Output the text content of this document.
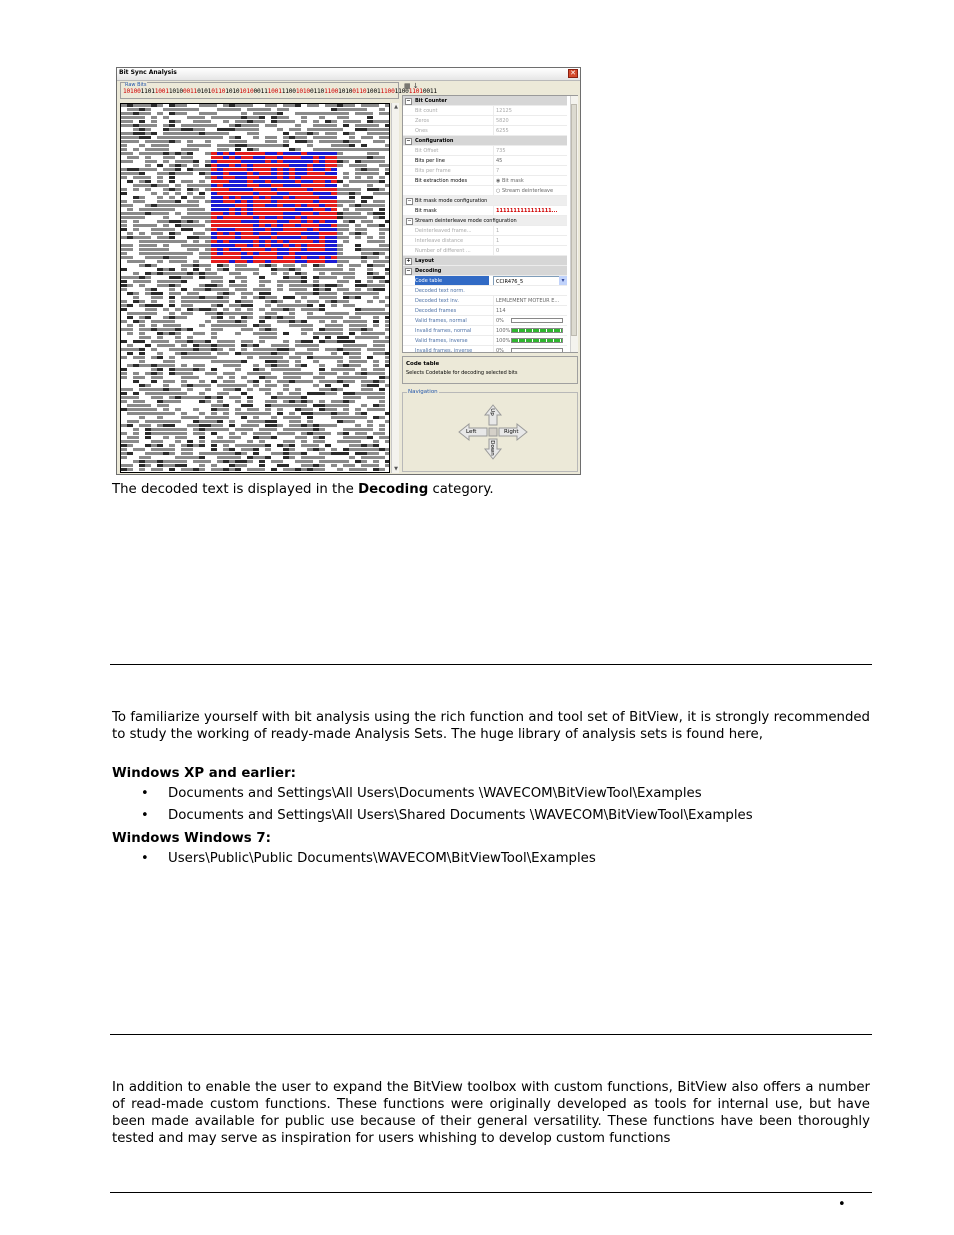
Bit Sync Analysis	✕
Raw Bits
10100110110011010001101010110101010100011100111001010011011001010011010011100110011010011
▦ ↓
▲
▼
− Bit Counter
Bit count	12125
Zeros	5820
Ones	6255
− Configuration
Bit Offset	735
Bits per line	45
Bits per frame	7
Bit extraction modes	◉ Bit mask
○ Stream deinterleave
− Bit mask mode configuration
Bit mask	1111111111111111...
− Stream deinterleave mode configuration
Deinterleaved frame...	1
Interleave distance	1
Number of different ...	0
+ Layout
− Decoding
Code table	CCIR476_5	▾
Decoded text norm.
Decoded text inv.	LEMLEMENT MOTEUR E...
Decoded frames	114
Valid frames, normal	0%
Invalid frames, normal	100%
Valid frames, inverse	100%
Invalid frames, inverse	0%
Code table
Selects Codetable for decoding selected bits
Navigation
Up
Down
Left	Right
The decoded text is displayed in the Decoding category.
To familiarize yourself with bit analysis using the rich function and tool set of BitView, it is strongly recommended to study the working of ready-made Analysis Sets. The huge library of analysis sets is found here,
Windows XP and earlier:
• Documents and Settings\All Users\Documents \WAVECOM\BitViewTool\Examples
• Documents and Settings\All Users\Shared Documents \WAVECOM\BitViewTool\Examples
Windows Windows 7:
• Users\Public\Public Documents\WAVECOM\BitViewTool\Examples
In addition to enable the user to expand the BitView toolbox with custom functions, BitView also offers a number of read-made custom functions. These functions were originally developed as tools for internal use, but have been made available for public use because of their general versatility. These functions have been thoroughly tested and may serve as inspiration for users whishing to develop custom functions
•
